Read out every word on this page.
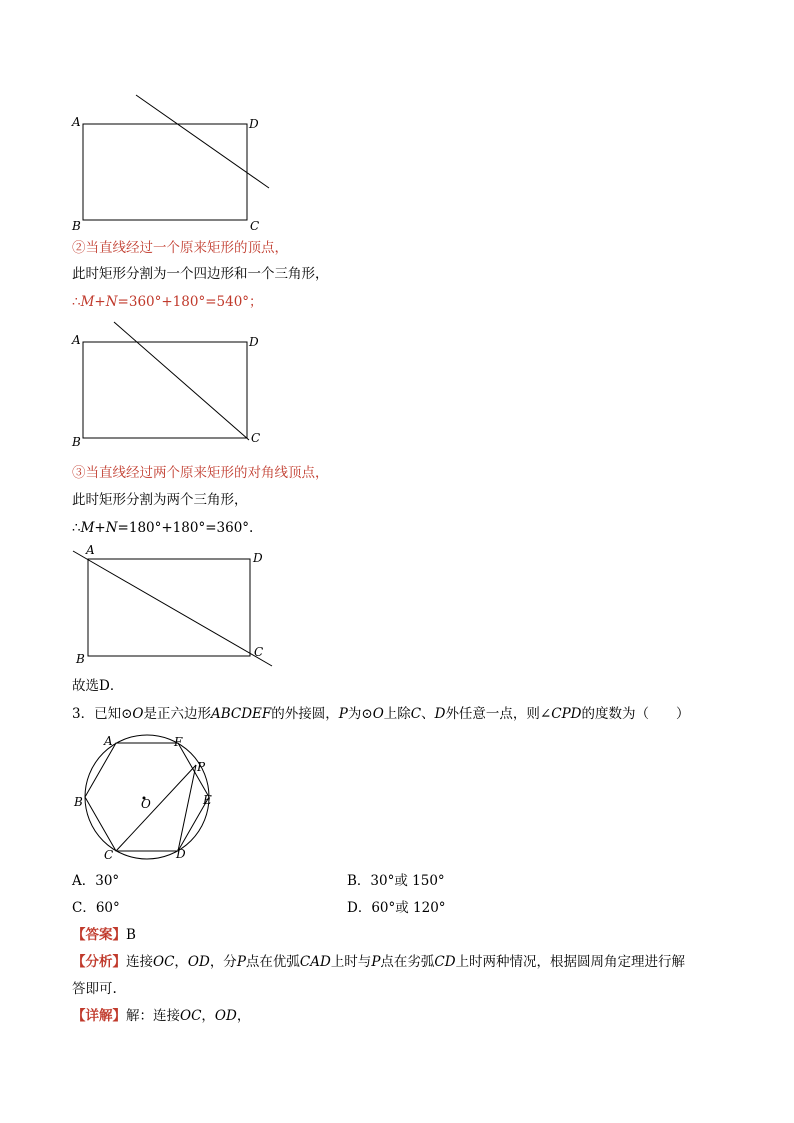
A	D
B	C
②当直线经过一个原来矩形的顶点，
此时矩形分割为一个四边形和一个三角形，
∴M+N=360°+180°=540°；
A	D
B	C
③当直线经过两个原来矩形的对角线顶点，
此时矩形分割为两个三角形，
∴M+N=180°+180°=360°.
A
D
B	C
故选D．
3．已知⊙O是正六边形ABCDEF的外接圆，P为⊙O上除C、D外任意一点，则∠CPD的度数为（　　）
A	F
P
B	O	E
C	D
A．30°	B．30°或 150°
C．60°	D．60°或 120°
【答案】B
【分析】连接OC，OD，分P点在优弧CAD上时与P点在劣弧CD上时两种情况，根据圆周角定理进行解
答即可.
【详解】解：连接OC，OD，
